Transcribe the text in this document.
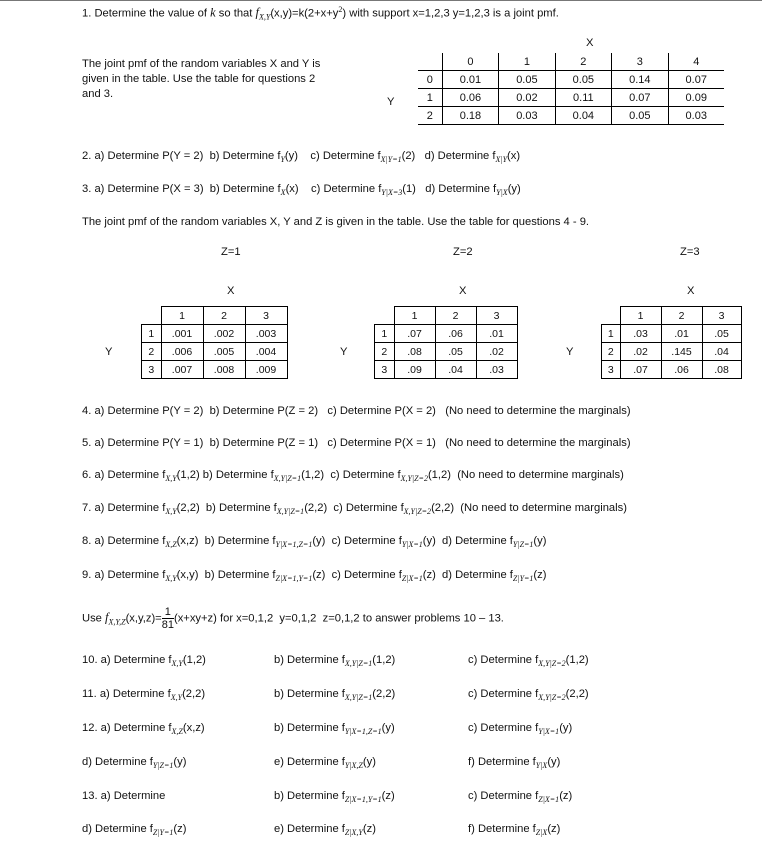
1. Determine the value of k so that $f_{X,Y}(x,y)=k(2+x+y^2)$ with support x=1,2,3 y=1,2,3 is a joint pmf.
The joint pmf of the random variables X and Y is
given in the table. Use the table for questions 2
and 3.
X
Y
	0	1	2	3	4
0	0.01	0.05	0.05	0.14	0.07
1	0.06	0.02	0.11	0.07	0.09
2	0.18	0.03	0.04	0.05	0.03
2. a) Determine P(Y = 2) b) Determine $f_Y(y)$ c) Determine $f_{X|Y=1}(2)$ d) Determine $f_{X|Y}(x)$
3. a) Determine P(X = 3) b) Determine $f_X(x)$ c) Determine $f_{Y|X=3}(1)$ d) Determine $f_{Y|X}(y)$
The joint pmf of the random variables X, Y and Z is given in the table. Use the table for questions 4 - 9.
Z=1	Z=2	Z=3
X	X	X
Y	Y	Y
	1	2	3
1	.001	.002	.003
2	.006	.005	.004
3	.007	.008	.009
	1	2	3
1	.07	.06	.01
2	.08	.05	.02
3	.09	.04	.03
	1	2	3
1	.03	.01	.05
2	.02	.145	.04
3	.07	.06	.08
4. a) Determine P(Y = 2) b) Determine P(Z = 2) c) Determine P(X = 2) (No need to determine the marginals)
5. a) Determine P(Y = 1) b) Determine P(Z = 1) c) Determine P(X = 1) (No need to determine the marginals)
6. a) Determine $f_{X,Y}(1,2)$ b) Determine $f_{X,Y|Z=1}(1,2)$ c) Determine $f_{X,Y|Z=2}(1,2)$ (No need to determine marginals)
7. a) Determine $f_{X,Y}(2,2)$ b) Determine $f_{X,Y|Z=1}(2,2)$ c) Determine $f_{X,Y|Z=2}(2,2)$ (No need to determine marginals)
8. a) Determine $f_{X,Z}(x,z)$ b) Determine $f_{Y|X=1,Z=1}(y)$ c) Determine $f_{Y|X=1}(y)$ d) Determine $f_{Y|Z=1}(y)$
9. a) Determine $f_{X,Y}(x,y)$ b) Determine $f_{Z|X=1,Y=1}(z)$ c) Determine $f_{Z|X=1}(z)$ d) Determine $f_{Z|Y=1}(z)$
Use $f_{X,Y,Z}(x,y,z)= \frac{1}{81} (x+xy+z)$ for x=0,1,2 y=0,1,2 z=0,1,2 to answer problems 10 – 13.
10. a) Determine $f_{X,Y}(1,2)$	b) Determine $f_{X,Y|Z=1}(1,2)$	c) Determine $f_{X,Y|Z=2}(1,2)$
11. a) Determine $f_{X,Y}(2,2)$	b) Determine $f_{X,Y|Z=1}(2,2)$	c) Determine $f_{X,Y|Z=2}(2,2)$
12. a) Determine $f_{X,Z}(x,z)$	b) Determine $f_{Y|X=1,Z=1}(y)$	c) Determine $f_{Y|X=1}(y)$
d) Determine $f_{Y|Z=1}(y)$	e) Determine $f_{Y|X,Z}(y)$	f) Determine $f_{Y|X}(y)$
13. a) Determine	b) Determine $f_{Z|X=1,Y=1}(z)$	c) Determine $f_{Z|X=1}(z)$
d) Determine $f_{Z|Y=1}(z)$	e) Determine $f_{Z|X,Y}(z)$	f) Determine $f_{Z|X}(z)$
